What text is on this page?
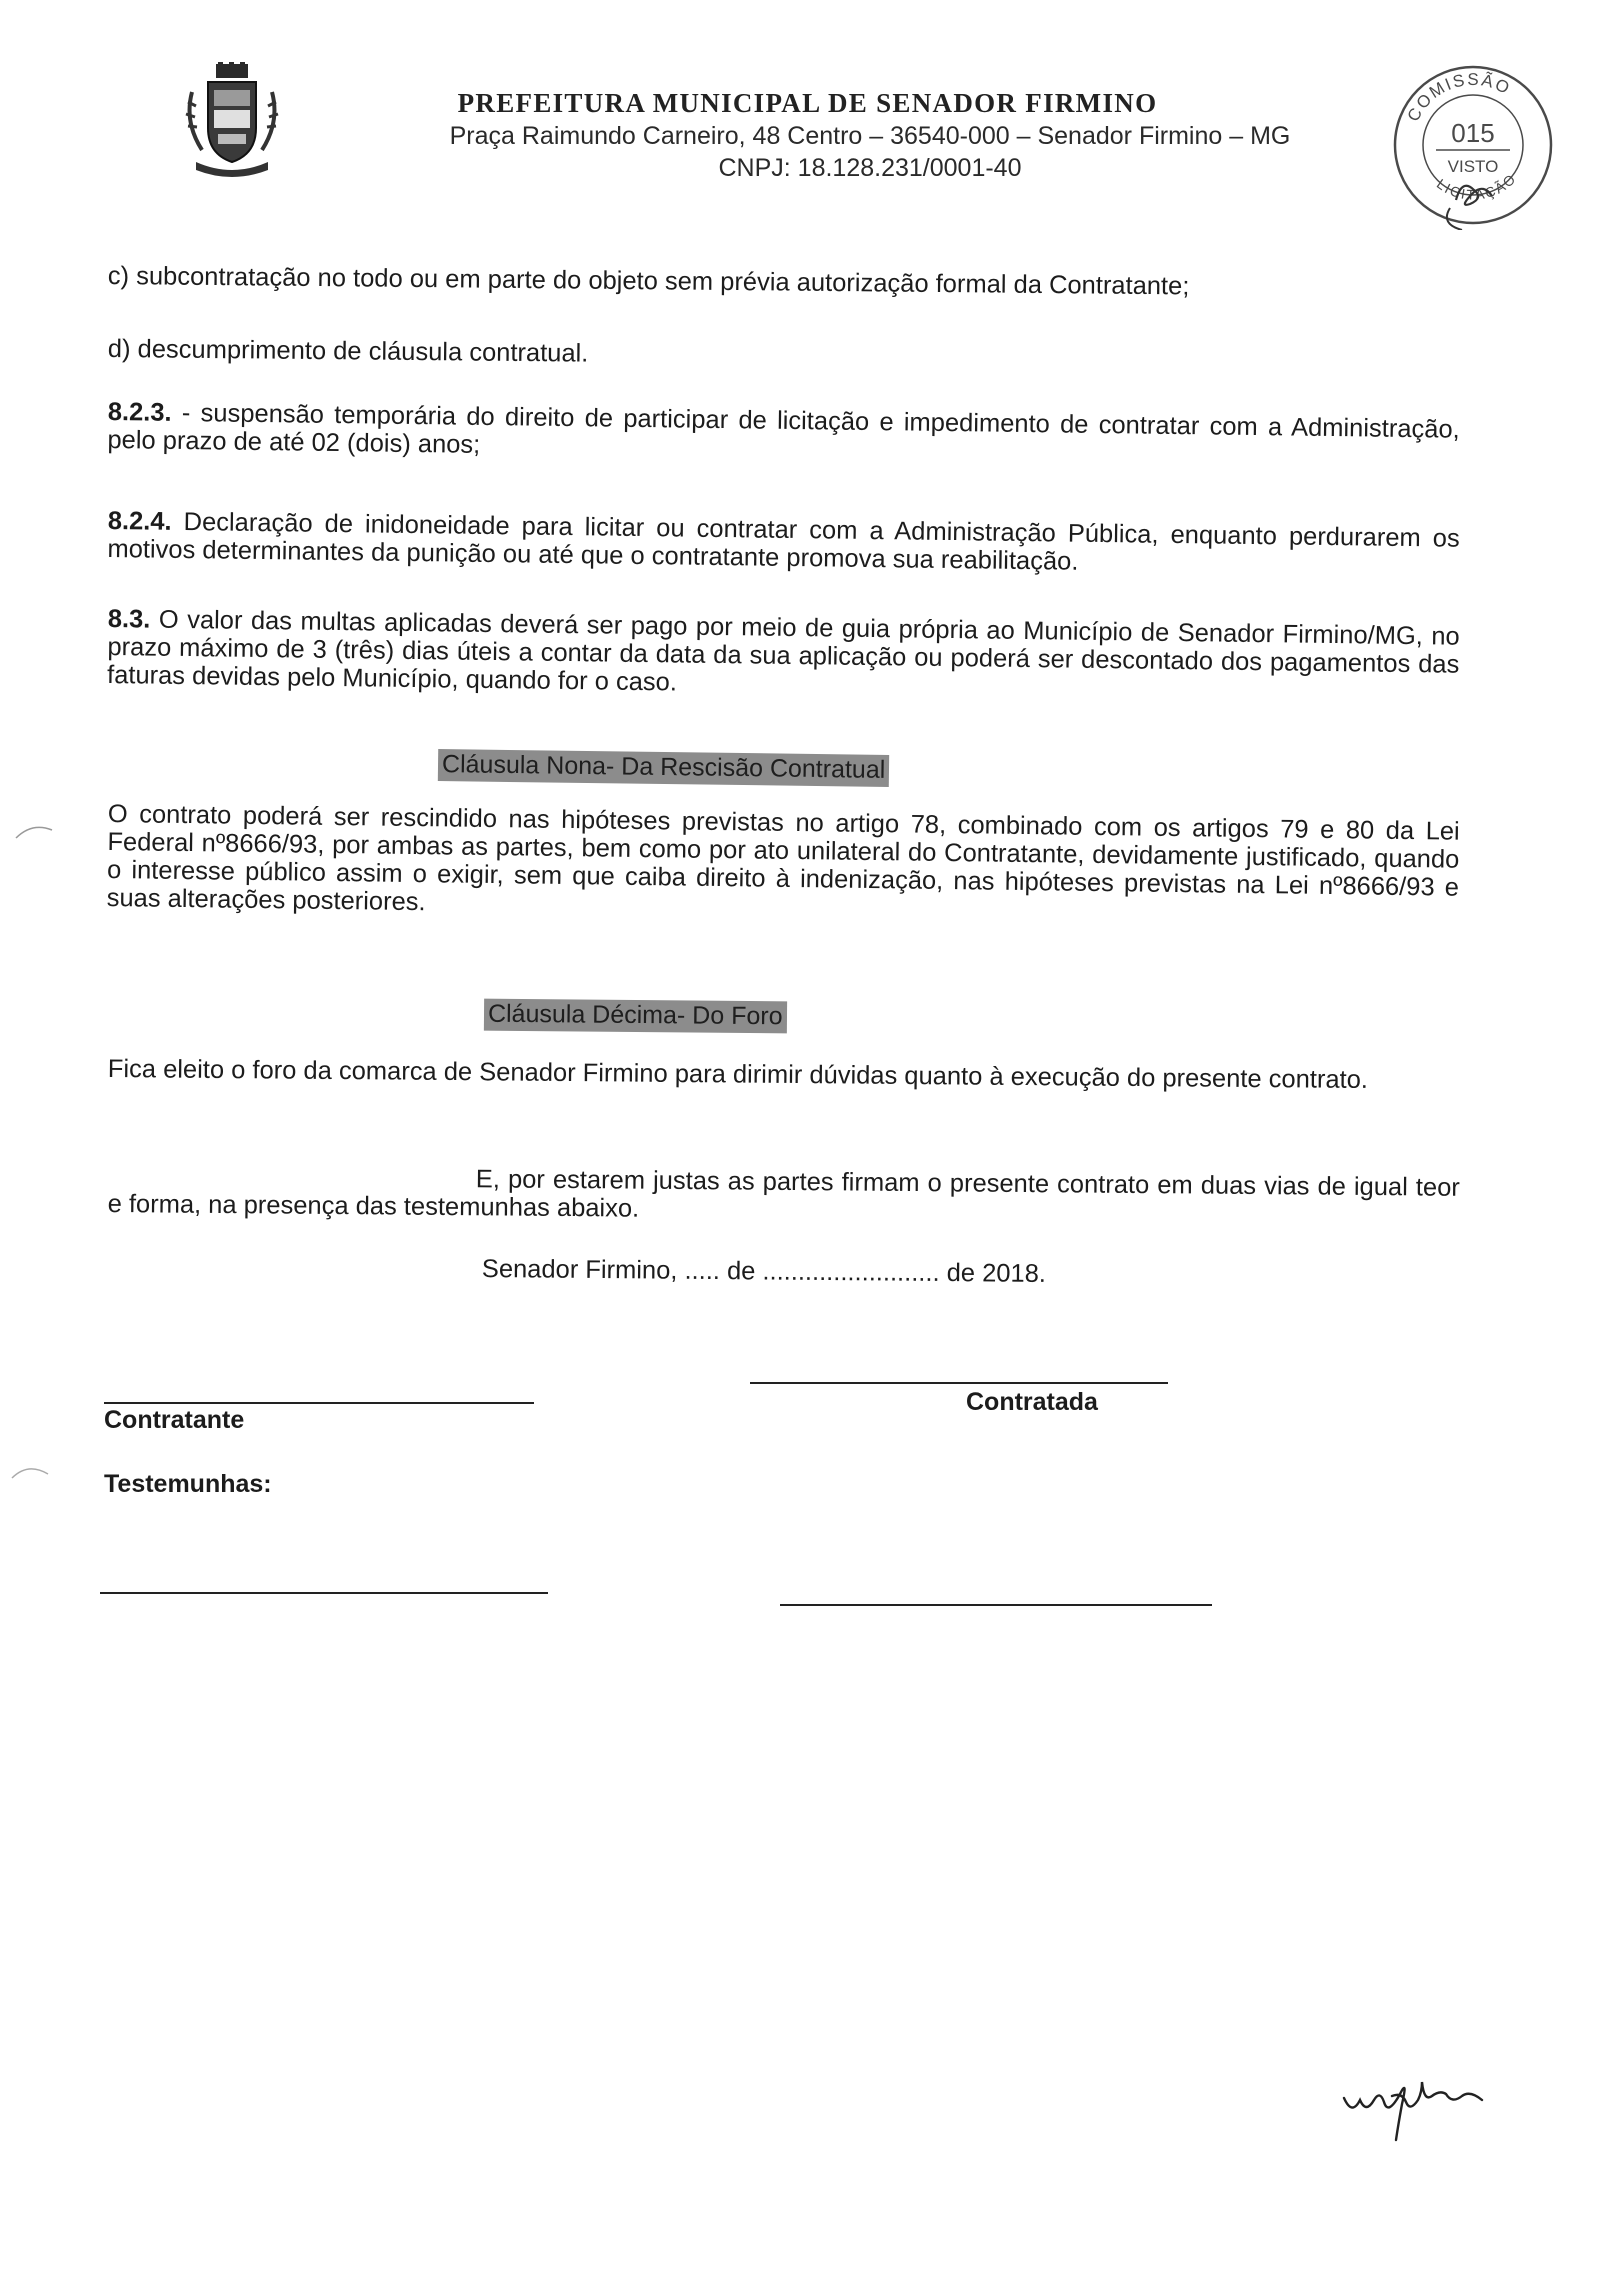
PREFEITURA MUNICIPAL DE SENADOR FIRMINO
Praça Raimundo Carneiro, 48 Centro – 36540-000 – Senador Firmino – MG
CNPJ: 18.128.231/0001-40
COMISSÃO
015
VISTO
LICITAÇÃO
c) subcontratação no todo ou em parte do objeto sem prévia autorização formal da Contratante;
d) descumprimento de cláusula contratual.
8.2.3. - suspensão temporária do direito de participar de licitação e impedimento de contratar com a Administração, pelo prazo de até 02 (dois) anos;
8.2.4. Declaração de inidoneidade para licitar ou contratar com a Administração Pública, enquanto perdurarem os motivos determinantes da punição ou até que o contratante promova sua reabilitação.
8.3. O valor das multas aplicadas deverá ser pago por meio de guia própria ao Município de Senador Firmino/MG, no prazo máximo de 3 (três) dias úteis a contar da data da sua aplicação ou poderá ser descontado dos pagamentos das faturas devidas pelo Município, quando for o caso.
Cláusula Nona- Da Rescisão Contratual
O contrato poderá ser rescindido nas hipóteses previstas no artigo 78, combinado com os artigos 79 e 80 da Lei Federal nº8666/93, por ambas as partes, bem como por ato unilateral do Contratante, devidamente justificado, quando o interesse público assim o exigir, sem que caiba direito à indenização, nas hipóteses previstas na Lei nº8666/93 e suas alterações posteriores.
Cláusula Décima- Do Foro
Fica eleito o foro da comarca de Senador Firmino para dirimir dúvidas quanto à execução do presente contrato.
E, por estarem justas as partes firmam o presente contrato em duas vias de igual teor e forma, na presença das testemunhas abaixo.
Senador Firmino, ..... de ......................... de 2018.
Contratante
Contratada
Testemunhas:
